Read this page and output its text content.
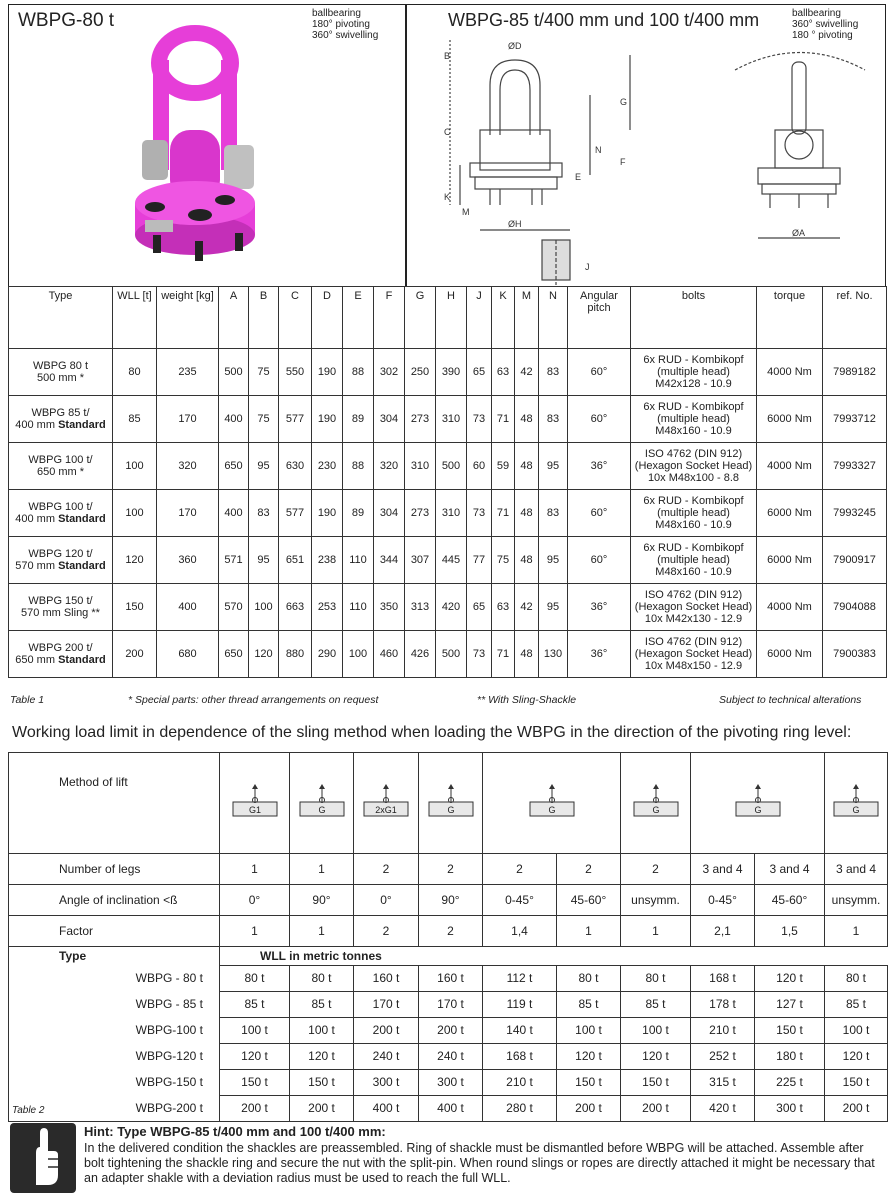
WBPG-80 t	ballbearing
180° pivoting
360° swivelling
WBPG-85 t/400 mm und 100 t/400 mm	ballbearing
360° swivelling
180 ° pivoting
ØD
B
C
G
N
F
E
K
M
ØH
J
ØA
Type	WLL [t]	weight [kg]	A	B	C	D	E	F	G	H	J	K	M	N	Angular pitch	bolts	torque	ref. No.
WBPG 80 t
500 mm *	80	235	500	75	550	190	88	302	250	390	65	63	42	83	60°	6x RUD - Kombikopf
(multiple head)
M42x128 - 10.9	4000 Nm	7989182
WBPG 85 t/
400 mm Standard	85	170	400	75	577	190	89	304	273	310	73	71	48	83	60°	6x RUD - Kombikopf
(multiple head)
M48x160 - 10.9	6000 Nm	7993712
WBPG 100 t/
650 mm *	100	320	650	95	630	230	88	320	310	500	60	59	48	95	36°	ISO 4762 (DIN 912)
(Hexagon Socket Head)
10x M48x100 - 8.8	4000 Nm	7993327
WBPG 100 t/
400 mm Standard	100	170	400	83	577	190	89	304	273	310	73	71	48	83	60°	6x RUD - Kombikopf
(multiple head)
M48x160 - 10.9	6000 Nm	7993245
WBPG 120 t/
570 mm Standard	120	360	571	95	651	238	110	344	307	445	77	75	48	95	60°	6x RUD - Kombikopf
(multiple head)
M48x160 - 10.9	6000 Nm	7900917
WBPG 150 t/
570 mm Sling **	150	400	570	100	663	253	110	350	313	420	65	63	42	95	36°	ISO 4762 (DIN 912)
(Hexagon Socket Head)
10x M42x130 - 12.9	4000 Nm	7904088
WBPG 200 t/
650 mm Standard	200	680	650	120	880	290	100	460	426	500	73	71	48	130	36°	ISO 4762 (DIN 912)
(Hexagon Socket Head)
10x M48x150 - 12.9	6000 Nm	7900383
Table 1	* Special parts: other thread arrangements on request	** With Sling-Shackle	Subject to technical alterations
Working load limit in dependence of the sling method when loading the WBPG in the direction of the pivoting ring level:
Method of lift	G1	G	2xG1	G	G		G	G		G

Number of legs	1	1	2	2	2	2	2	3 and 4	3 and 4	3 and 4
Angle of inclination <ß	0°	90°	0°	90°	0-45°	45-60°	unsymm.	0-45°	45-60°	unsymm.
Factor	1	1	2	2	1,4	1	1	2,1	1,5	1
Type	WLL in metric tonnes									
WBPG - 80 t	80 t	80 t	160 t	160 t	112 t	80 t	80 t	168 t	120 t	80 t
WBPG - 85 t	85 t	85 t	170 t	170 t	119 t	85 t	85 t	178 t	127 t	85 t
WBPG-100 t	100 t	100 t	200 t	200 t	140 t	100 t	100 t	210 t	150 t	100 t
WBPG-120 t	120 t	120 t	240 t	240 t	168 t	120 t	120 t	252 t	180 t	120 t
WBPG-150 t	150 t	150 t	300 t	300 t	210 t	150 t	150 t	315 t	225 t	150 t
WBPG-200 t	200 t	200 t	400 t	400 t	280 t	200 t	200 t	420 t	300 t	200 t
Table 2
Hint: Type WBPG-85 t/400 mm and 100 t/400 mm:
In the delivered condition the shackles are preassembled. Ring of shackle must be dismantled before WBPG will be attached. Assemble after bolt tightening the shackle ring and secure the nut with the split-pin. When round slings or ropes are directly attached it might be necessary that an adapter shakle with a deviation radius must be used to reach the full WLL.
